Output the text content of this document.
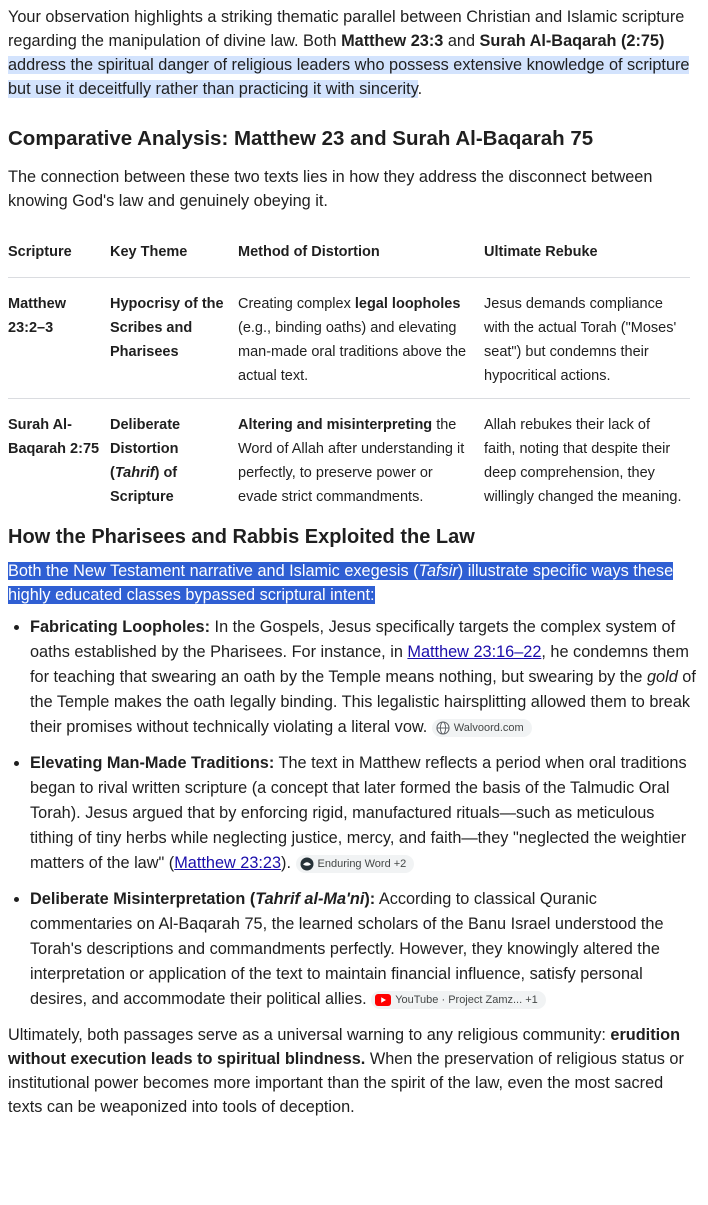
Your observation highlights a striking thematic parallel between Christian and Islamic scripture regarding the manipulation of divine law. Both Matthew 23:3 and Surah Al-Baqarah (2:75) address the spiritual danger of religious leaders who possess extensive knowledge of scripture but use it deceitfully rather than practicing it with sincerity.

Comparative Analysis: Matthew 23 and Surah Al-Baqarah 75

The connection between these two texts lies in how they address the disconnect between knowing God's law and genuinely obeying it.

Scripture	Key Theme	Method of Distortion	Ultimate Rebuke
Matthew 23:2–3	Hypocrisy of the Scribes and Pharisees	Creating complex legal loopholes (e.g., binding oaths) and elevating man-made oral traditions above the actual text.	Jesus demands compliance with the actual Torah ("Moses' seat") but condemns their hypocritical actions.
Surah Al-Baqarah 2:75	Deliberate Distortion (Tahrif) of Scripture	Altering and misinterpreting the Word of Allah after understanding it perfectly, to preserve power or evade strict commandments.	Allah rebukes their lack of faith, noting that despite their deep comprehension, they willingly changed the meaning.
How the Pharisees and Rabbis Exploited the Law

Both the New Testament narrative and Islamic exegesis (Tafsir) illustrate specific ways these highly educated classes bypassed scriptural intent:

• Fabricating Loopholes: In the Gospels, Jesus specifically targets the complex system of oaths established by the Pharisees. For instance, in Matthew 23:16–22, he condemns them for teaching that swearing an oath by the Temple means nothing, but swearing by the gold of the Temple makes the oath legally binding. This legalistic hairsplitting allowed them to break their promises without technically violating a literal vow. Walvoord.com
• Elevating Man-Made Traditions: The text in Matthew reflects a period when oral traditions began to rival written scripture (a concept that later formed the basis of the Talmudic Oral Torah). Jesus argued that by enforcing rigid, manufactured rituals—such as meticulous tithing of tiny herbs while neglecting justice, mercy, and faith—they "neglected the weightier matters of the law" (Matthew 23:23). Enduring Word +2
• Deliberate Misinterpretation (Tahrif al-Ma'ni): According to classical Quranic commentaries on Al-Baqarah 75, the learned scholars of the Banu Israel understood the Torah's descriptions and commandments perfectly. However, they knowingly altered the interpretation or application of the text to maintain financial influence, satisfy personal desires, and accommodate their political allies.	YouTube · Project Zamz... +1

Ultimately, both passages serve as a universal warning to any religious community: erudition without execution leads to spiritual blindness. When the preservation of religious status or institutional power becomes more important than the spirit of the law, even the most sacred texts can be weaponized into tools of deception.
